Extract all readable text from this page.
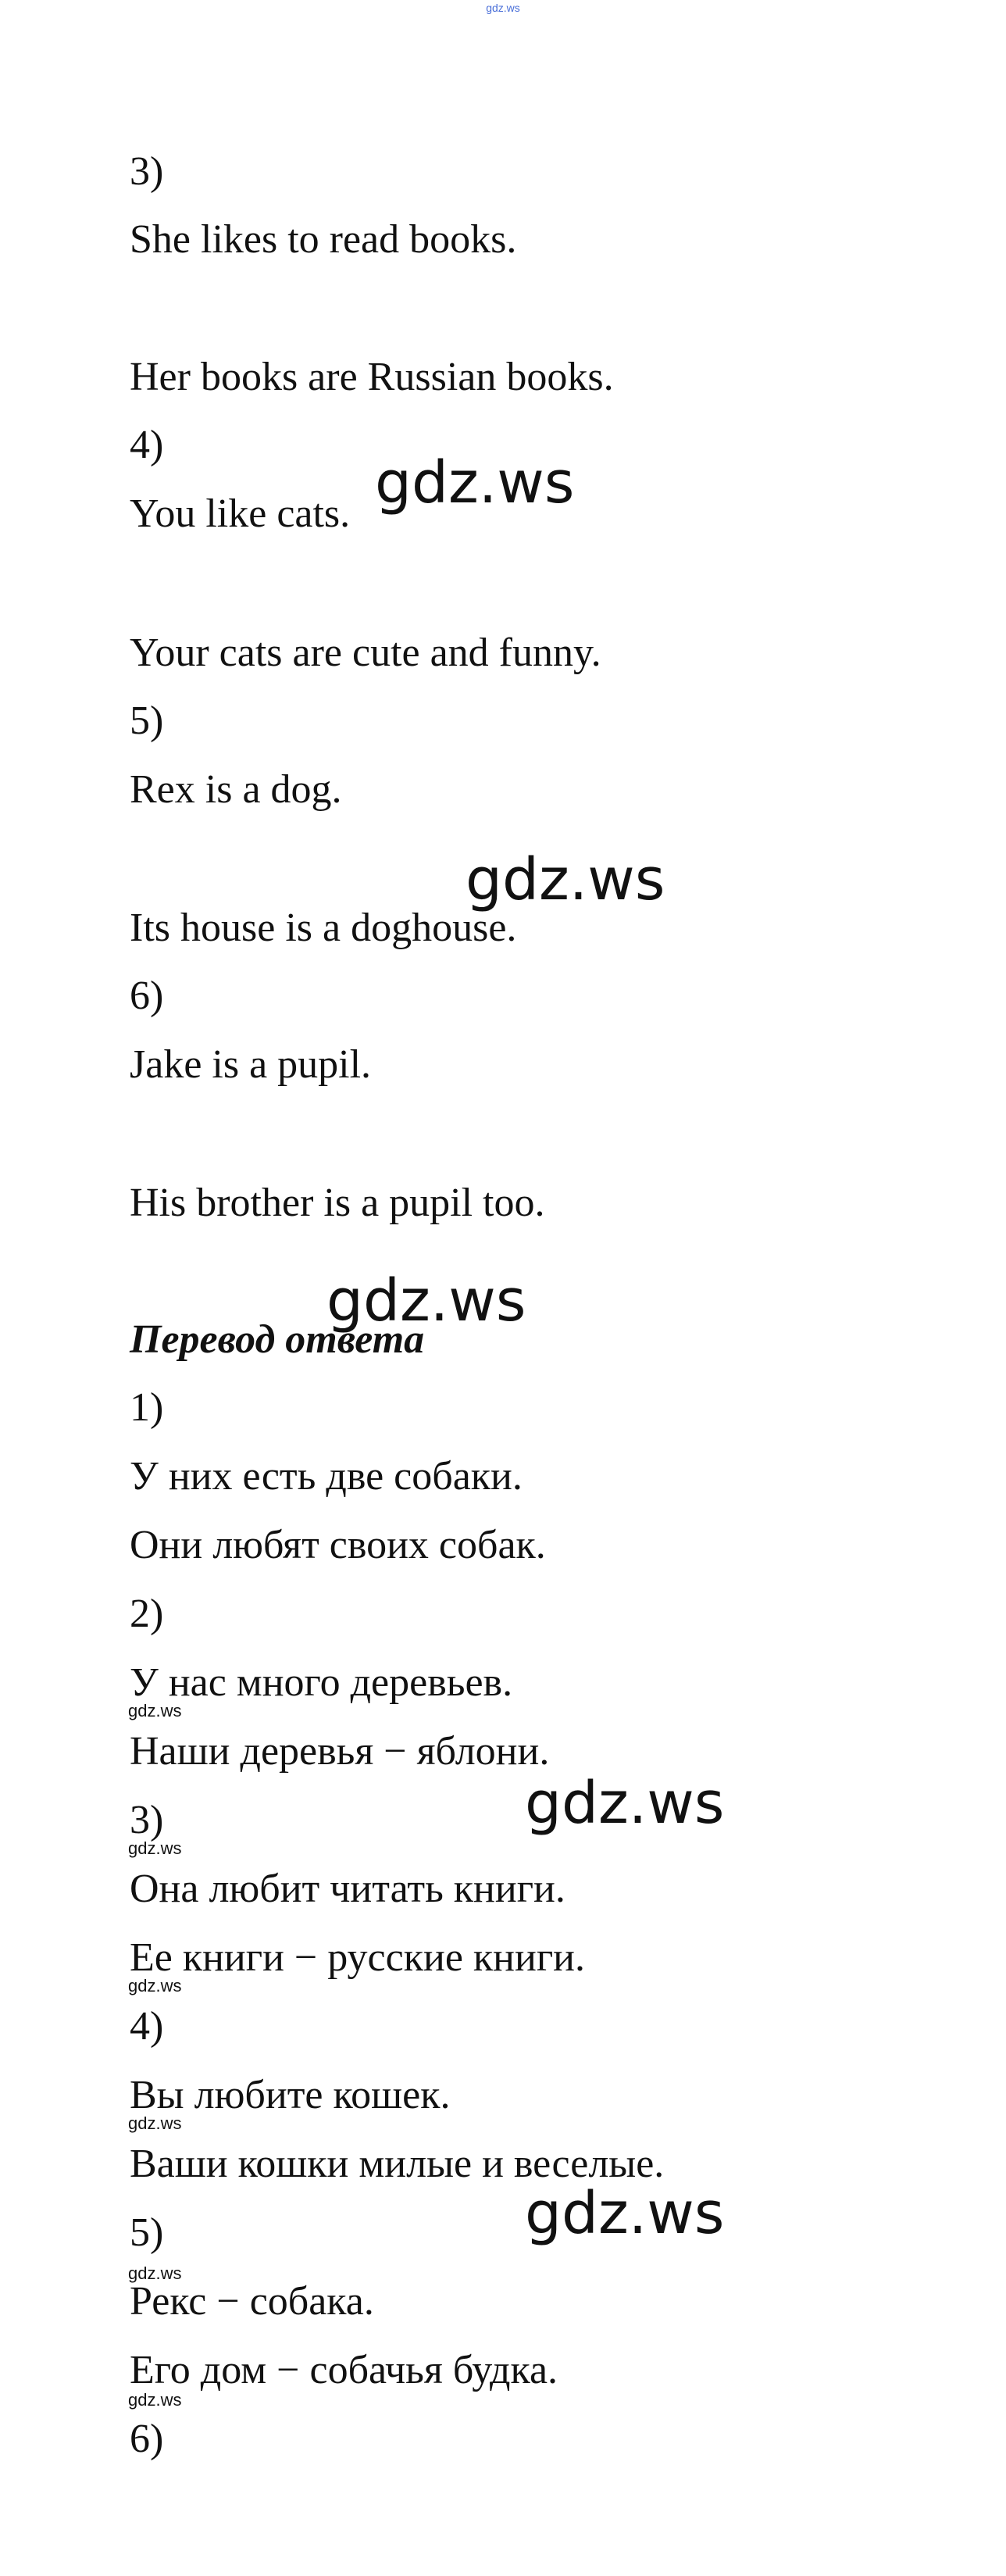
gdz.ws

3)

She likes to read books.

Her books are Russian books.

4)

You like cats.

Your cats are cute and funny.

5)

Rex is a dog.

Its house is a doghouse.

6)

Jake is a pupil.

His brother is a pupil too.

Перевод ответа

1)

У них есть две собаки.

Они любят своих собак.

2)

У нас много деревьев.

Наши деревья − яблони.

3)

Она любит читать книги.

Ее книги − русские книги.

4)

Вы любите кошек.

Ваши кошки милые и веселые.

5)

Рекс − собака.

Его дом − собачья будка.

6)

gdz.ws
gdz.ws
gdz.ws
gdz.ws
gdz.ws
gdz.ws
gdz.ws
gdz.ws
gdz.ws
gdz.ws
gdz.ws
